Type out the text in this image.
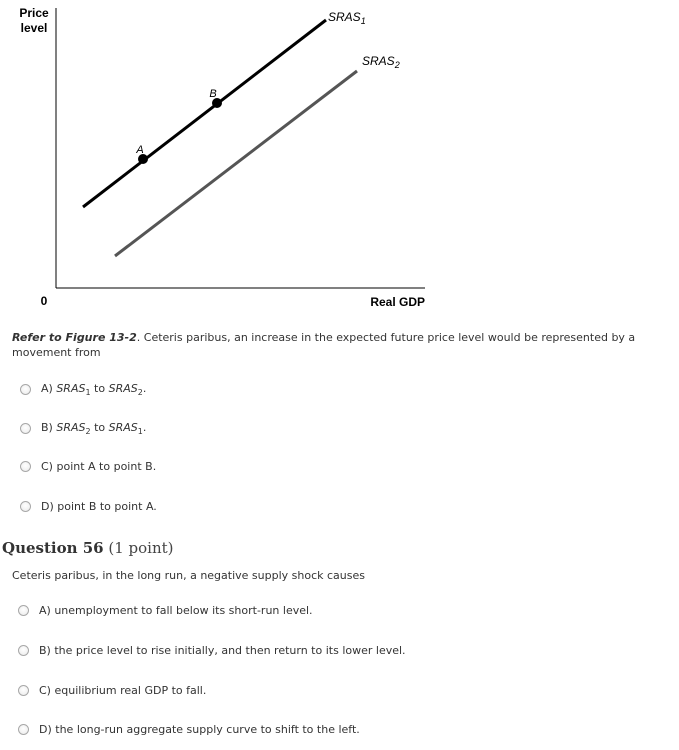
Price
level
0	Real GDP
$SRAS_1$
$SRAS_2$
A
B
Refer to Figure 13-2. Ceteris paribus, an increase in the expected future price level would be represented by a movement from
A) $SRAS_1$ to $SRAS_2$.
B) $SRAS_2$ to $SRAS_1$.
C) point A to point B.
D) point B to point A.
Question 56 (1 point)
Ceteris paribus, in the long run, a negative supply shock causes
A) unemployment to fall below its short-run level.
B) the price level to rise initially, and then return to its lower level.
C) equilibrium real GDP to fall.
D) the long-run aggregate supply curve to shift to the left.
